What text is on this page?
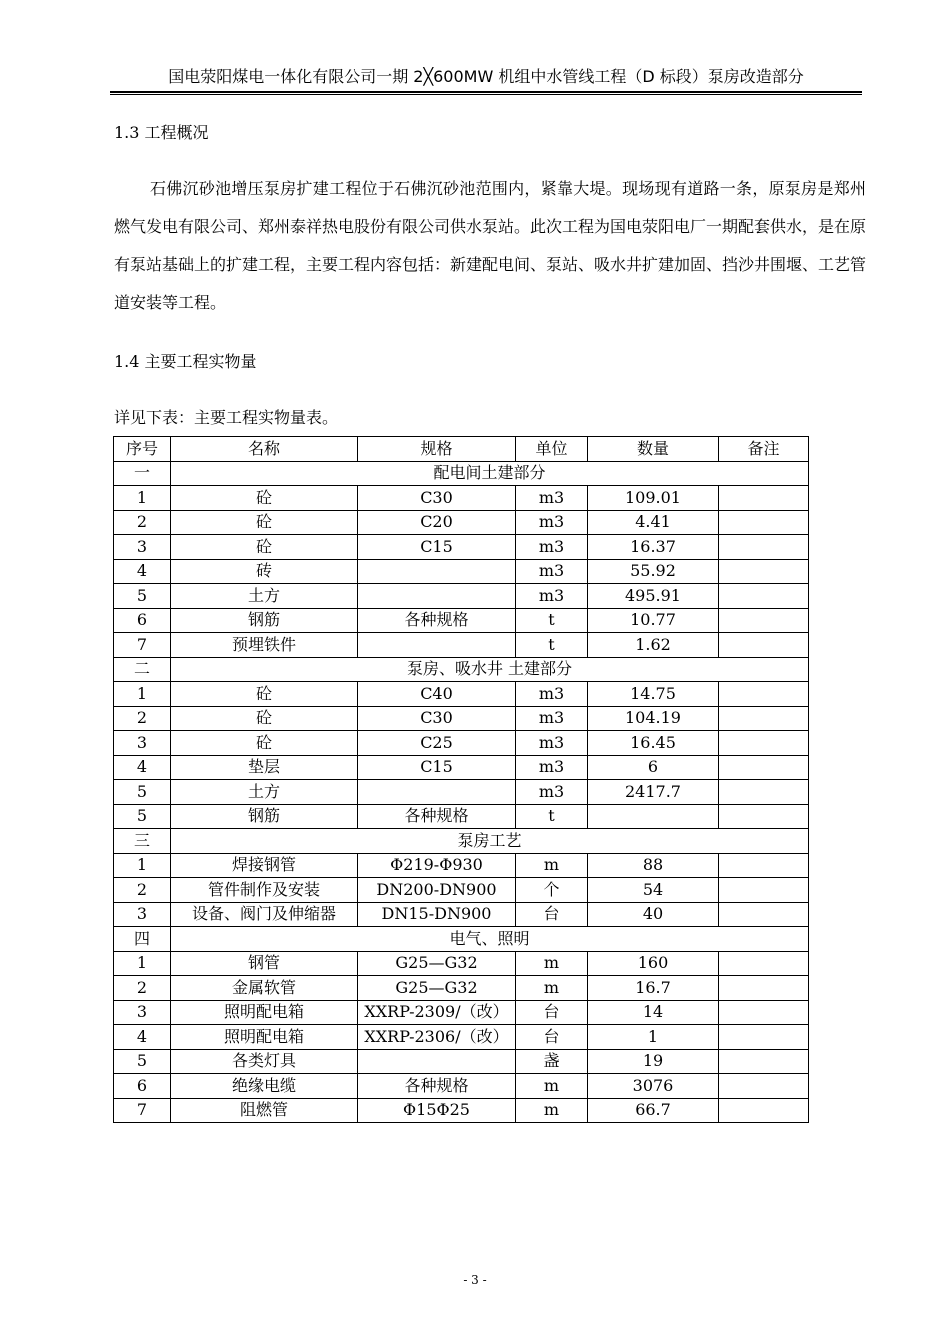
国电荥阳煤电一体化有限公司一期 2╳600MW 机组中水管线工程（D 标段）泵房改造部分
1.3 工程概况

石佛沉砂池增压泵房扩建工程位于石佛沉砂池范围内，紧靠大堤。现场现有道路一条，原泵房是郑州燃气发电有限公司、郑州泰祥热电股份有限公司供水泵站。此次工程为国电荥阳电厂一期配套供水，是在原有泵站基础上的扩建工程，主要工程内容包括：新建配电间、泵站、吸水井扩建加固、挡沙井围堰、工艺管道安装等工程。

1.4 主要工程实物量
详见下表：主要工程实物量表。
序号	名称	规格	单位	数量	备注
一	配电间土建部分				
1	砼	C30	m3	109.01	
2	砼	C20	m3	4.41	
3	砼	C15	m3	16.37	
4	砖		m3	55.92	
5	土方		m3	495.91	
6	钢筋	各种规格	t	10.77	
7	预埋铁件		t	1.62	
二	泵房、吸水井 土建部分				
1	砼	C40	m3	14.75	
2	砼	C30	m3	104.19	
3	砼	C25	m3	16.45	
4	垫层	C15	m3	6	
5	土方		m3	2417.7	
5	钢筋	各种规格	t		
三	泵房工艺				
1	焊接钢管	Φ219-Φ930	m	88	
2	管件制作及安装	DN200-DN900	个	54	
3	设备、阀门及伸缩器	DN15-DN900	台	40	
四	电气、照明				
1	钢管	G25—G32	m	160	
2	金属软管	G25—G32	m	16.7	
3	照明配电箱	XXRP-2309/（改）	台	14	
4	照明配电箱	XXRP-2306/（改）	台	1	
5	各类灯具		盏	19	
6	绝缘电缆	各种规格	m	3076	
7	阻燃管	Φ15Φ25	m	66.7	
- 3 -
